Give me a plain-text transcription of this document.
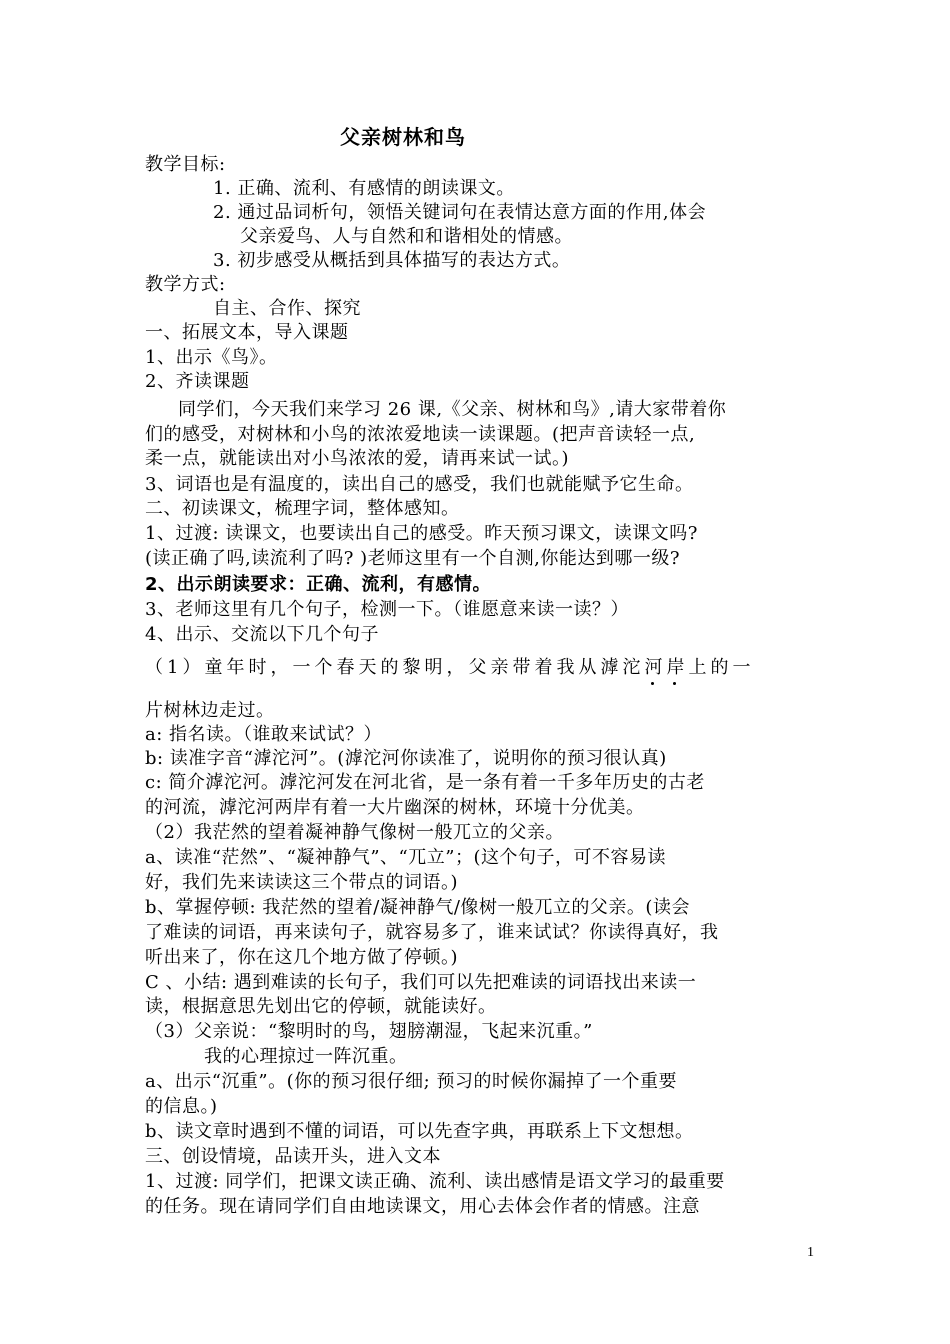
父亲树林和鸟
教学目标:
1. 正确、流利、有感情的朗读课文。
2. 通过品词析句，领悟关键词句在表情达意方面的作用,体会
父亲爱鸟、人与自然和和谐相处的情感。
3. 初步感受从概括到具体描写的表达方式。
教学方式:
自主、合作、探究
一、拓展文本，导入课题
1、出示《鸟》。
2、齐读课题
同学们，今天我们来学习 26 课,《父亲、树林和鸟》,请大家带着你
们的感受，对树林和小鸟的浓浓爱地读一读课题。(把声音读轻一点,
柔一点，就能读出对小鸟浓浓的爱，请再来试一试。)
3、词语也是有温度的，读出自己的感受，我们也就能赋予它生命。
二、初读课文，梳理字词，整体感知。
1、过渡: 读课文，也要读出自己的感受。昨天预习课文，读课文吗?
(读正确了吗,读流利了吗? )老师这里有一个自测,你能达到哪一级?
2、出示朗读要求：正确、流利，有感情。
3、老师这里有几个句子，检测一下。（谁愿意来读一读？）
4、出示、交流以下几个句子
（1）童年时，一个春天的黎明，父亲带着我从滹沱河岸上的一
片树林边走过。
a: 指名读。（谁敢来试试？）
b: 读准字音“滹沱河”。(滹沱河你读准了，说明你的预习很认真)
c: 简介滹沱河。滹沱河发在河北省，是一条有着一千多年历史的古老
的河流，滹沱河两岸有着一大片幽深的树林，环境十分优美。
（2）我茫然的望着凝神静气像树一般兀立的父亲。
a、读准“茫然”、“凝神静气”、“兀立”；(这个句子，可不容易读
好，我们先来读读这三个带点的词语。)
b、掌握停顿: 我茫然的望着/凝神静气/像树一般兀立的父亲。(读会
了难读的词语，再来读句子，就容易多了，谁来试试？你读得真好，我
听出来了，你在这几个地方做了停顿。)
C 、小结: 遇到难读的长句子，我们可以先把难读的词语找出来读一
读，根据意思先划出它的停顿，就能读好。
（3）父亲说：“黎明时的鸟，翅膀潮湿，飞起来沉重。”
我的心理掠过一阵沉重。
a、出示“沉重”。(你的预习很仔细; 预习的时候你漏掉了一个重要
的信息。)
b、读文章时遇到不懂的词语，可以先查字典，再联系上下文想想。
三、创设情境，品读开头，进入文本
1、过渡: 同学们，把课文读正确、流利、读出感情是语文学习的最重要
的任务。现在请同学们自由地读课文，用心去体会作者的情感。注意
1
